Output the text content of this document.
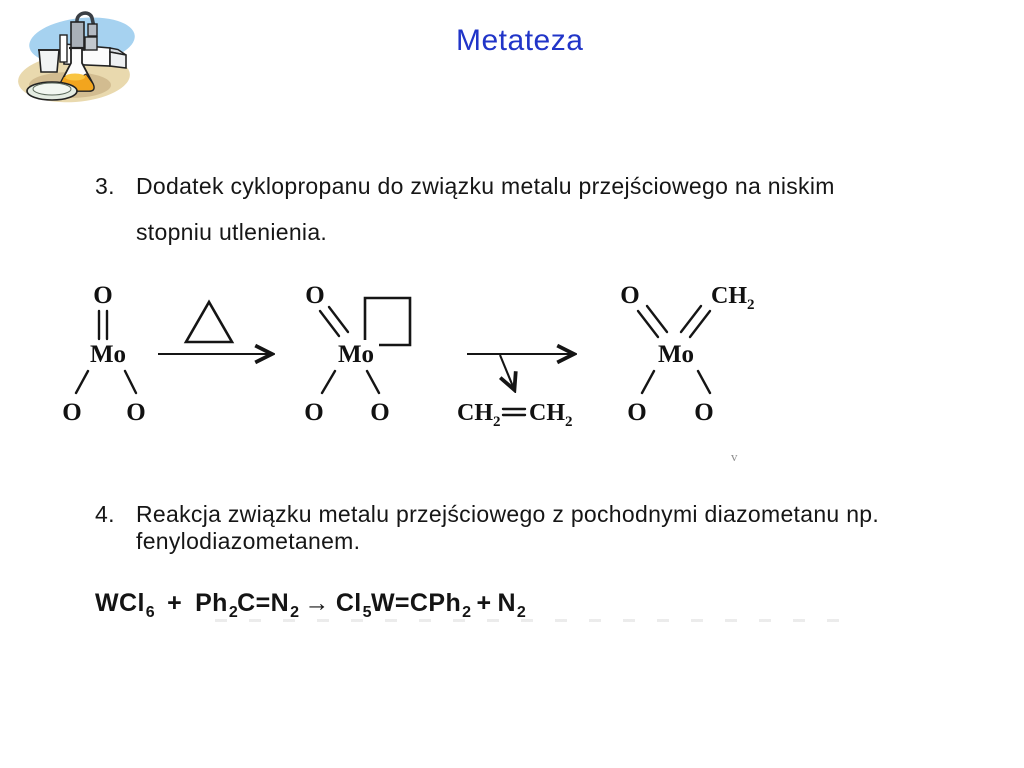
Metateza
3. Dodatek cyklopropanu do związku metalu przejściowego na niskim
stopniu utlenienia.
O
Mo
O O
O
Mo
O O	$CH_2$ $CH_2$
O	$CH_2$
Mo
O O
v
4. Reakcja związku metalu przejściowego z pochodnymi diazometanu np.
fenylodiazometanem.
$WCl_6 + Ph_2C=N_2 \to Cl_5W=CPh_2 + N_2$
